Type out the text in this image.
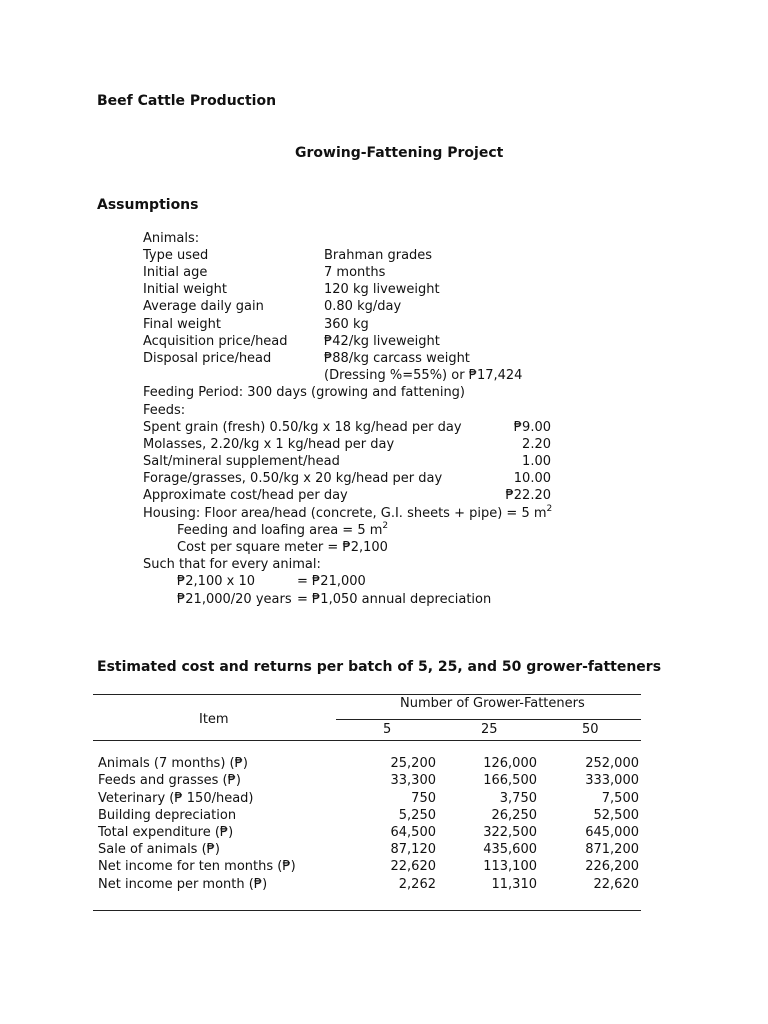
Beef Cattle Production
Growing-Fattening Project
Assumptions
Animals:
Type used	Brahman grades
Initial age	7 months
Initial weight	120 kg liveweight
Average daily gain	0.80 kg/day
Final weight	360 kg
Acquisition price/head	₱42/kg liveweight
Disposal price/head	₱88/kg carcass weight
(Dressing %=55%) or ₱17,424
Feeding Period: 300 days (growing and fattening)
Feeds:
Spent grain (fresh) 0.50/kg x 18 kg/head per day	₱9.00
Molasses, 2.20/kg x 1 kg/head per day	2.20
Salt/mineral supplement/head	1.00
Forage/grasses, 0.50/kg x 20 kg/head per day	10.00
Approximate cost/head per day	₱22.20
Housing: Floor area/head (concrete, G.I. sheets + pipe) = 5 $m^2$
Feeding and loafing area = 5 $m^2$
Cost per square meter = ₱2,100
Such that for every animal:
₱2,100 x 10	= ₱21,000
₱21,000/20 years = ₱1,050 annual depreciation
Estimated cost and returns per batch of 5, 25, and 50 grower-fatteners
Item
Number of Grower-Fatteners
5	25	50
Animals (7 months) (₱)	25,200	126,000	252,000
Feeds and grasses (₱)	33,300	166,500	333,000
Veterinary (₱ 150/head)	750	3,750	7,500
Building depreciation	5,250	26,250	52,500
Total expenditure (₱)	64,500	322,500	645,000
Sale of animals (₱)	87,120	435,600	871,200
Net income for ten months (₱)	22,620	113,100	226,200
Net income per month (₱)	2,262	11,310	22,620
